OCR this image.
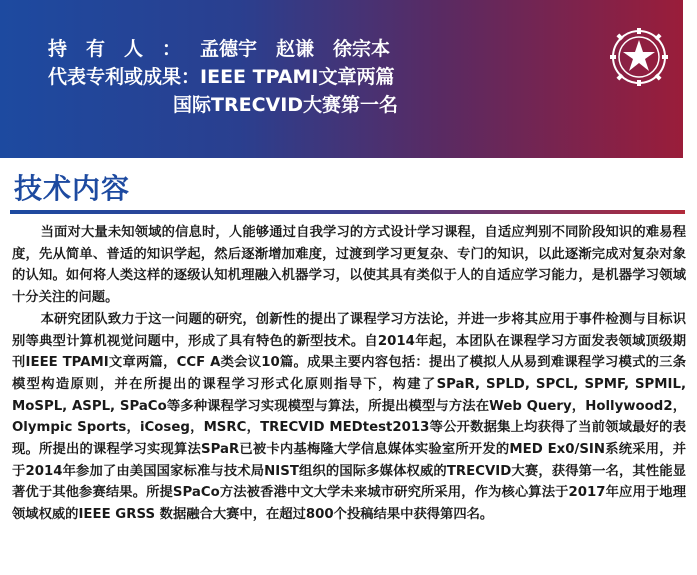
持有人：孟德宇　赵谦　徐宗本
代表专利或成果：IEEE TPAMI文章两篇
国际TRECVID大赛第一名
技术内容

当面对大量未知领域的信息时，人能够通过自我学习的方式设计学习课程，自适应判别不同阶段知识的难易程度，先从简单、普适的知识学起，然后逐渐增加难度，过渡到学习更复杂、专门的知识，以此逐渐完成对复杂对象的认知。如何将人类这样的逐级认知机理融入机器学习，以使其具有类似于人的自适应学习能力，是机器学习领域十分关注的问题。

本研究团队致力于这一问题的研究，创新性的提出了课程学习方法论，并进一步将其应用于事件检测与目标识别等典型计算机视觉问题中，形成了具有特色的新型技术。自2014年起，本团队在课程学习方面发表领域顶级期刊IEEE TPAMI文章两篇，CCF A类会议10篇。成果主要内容包括：提出了模拟人从易到难课程学习模式的三条模型构造原则，并在所提出的课程学习形式化原则指导下，构建了SPaR, SPLD, SPCL, SPMF, SPMIL, MoSPL, ASPL, SPaCo等多种课程学习实现模型与算法，所提出模型与方法在Web Query，Hollywood2，Olympic Sports，iCoseg，MSRC，TRECVID MEDtest2013等公开数据集上均获得了当前领域最好的表现。所提出的课程学习实现算法SPaR已被卡内基梅隆大学信息媒体实验室所开发的MED Ex0/SIN系统采用，并于2014年参加了由美国国家标准与技术局NIST组织的国际多媒体权威的TRECVID大赛，获得第一名，其性能显著优于其他参赛结果。所提SPaCo方法被香港中文大学未来城市研究所采用，作为核心算法于2017年应用于地理领域权威的IEEE GRSS 数据融合大赛中，在超过800个投稿结果中获得第四名。
